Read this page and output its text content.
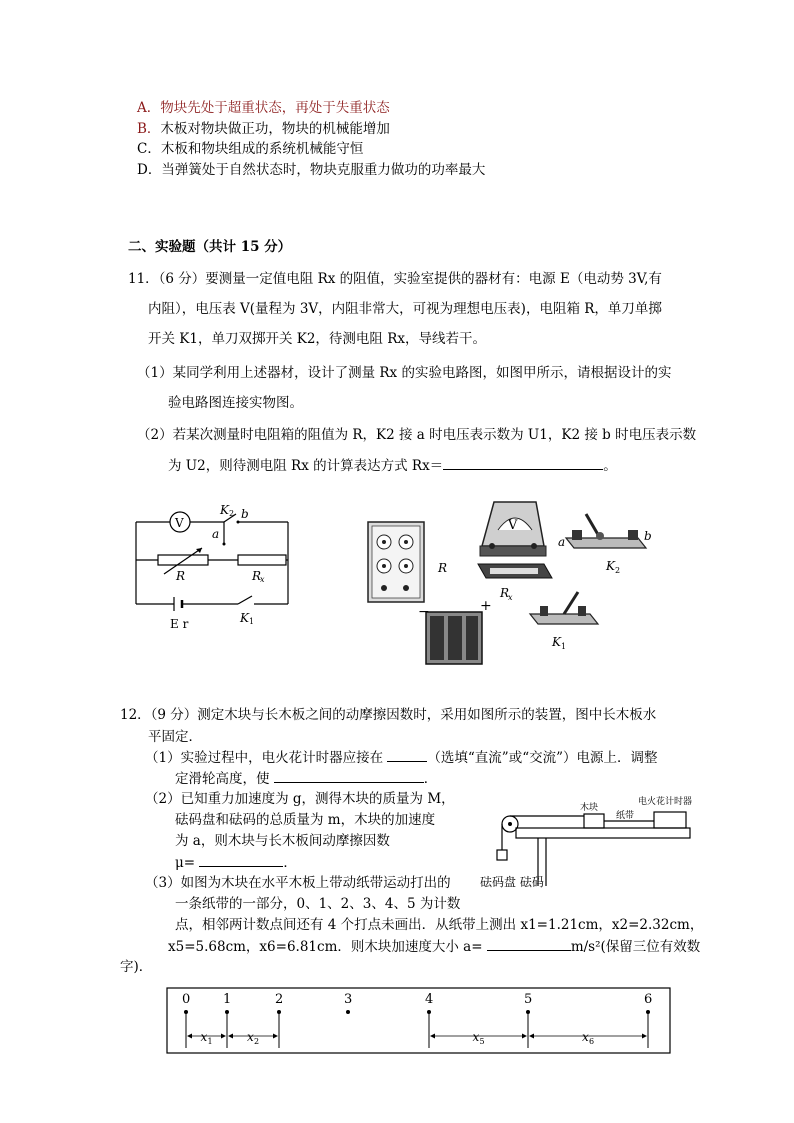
A．物块先处于超重状态，再处于失重状态
B．木板对物块做正功，物块的机械能增加
C．木板和物块组成的系统机械能守恒
D．当弹簧处于自然状态时，物块克服重力做功的功率最大
二、实验题（共计 15 分）
11．（6 分）要测量一定值电阻 Rx 的阻值，实验室提供的器材有：电源 E（电动势 3V,有
内阻），电压表 V(量程为 3V，内阻非常大，可视为理想电压表)，电阻箱 R，单刀单掷
开关 K1，单刀双掷开关 K2，待测电阻 Rx，导线若干。
（1）某同学利用上述器材，设计了测量 Rx 的实验电路图，如图甲所示，请根据设计的实
验电路图连接实物图。
（2）若某次测量时电阻箱的阻值为 R，K2 接 a 时电压表示数为 U1，K2 接 b 时电压表示数
为 U2，则待测电阻 Rx 的计算表达方式 Rx＝	。
V
K 2 b
a
R	R
x
E r	K 1
R
V
a	b
K 2
R
x
−	+
K 1
12．（9 分）测定木块与长木板之间的动摩擦因数时，采用如图所示的装置，图中长木板水
平固定．
（1）实验过程中，电火花计时器应接在	（选填“直流”或“交流”）电源上．调整
定滑轮高度，使	．
（2）已知重力加速度为 g，测得木块的质量为 M，
砝码盘和砝码的总质量为 m，木块的加速度
为 a，则木块与长木板间动摩擦因数
μ=	．
（3）如图为木块在水平木板上带动纸带运动打出的
一条纸带的一部分，0、1、2、3、4、5 为计数
点，相邻两计数点间还有 4 个打点未画出．从纸带上测出 x1=1.21cm，x2=2.32cm，
x5=5.68cm，x6=6.81cm．则木块加速度大小 a=	m/s²(保留三位有效数
字)．
木块
纸带
电火花计时器
砝码盘 砝码
0	1	2	3	4	5	6
x 1	x 2	x 5	x 6
